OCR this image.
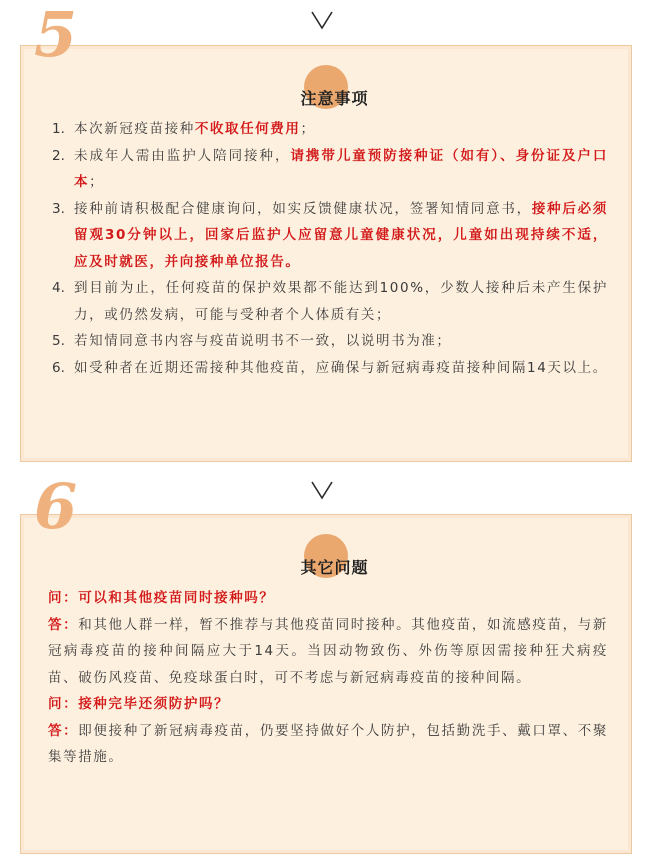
5
注意事项
1. 本次新冠疫苗接种不收取任何费用；
2. 未成年人需由监护人陪同接种，请携带儿童预防接种证（如有）、身份证及户口本；
3. 接种前请积极配合健康询问，如实反馈健康状况，签署知情同意书，接种后必须留观30分钟以上，回家后监护人应留意儿童健康状况，儿童如出现持续不适，应及时就医，并向接种单位报告。
4. 到目前为止，任何疫苗的保护效果都不能达到100%，少数人接种后未产生保护力，或仍然发病，可能与受种者个人体质有关；
5. 若知情同意书内容与疫苗说明书不一致，以说明书为准；
6. 如受种者在近期还需接种其他疫苗，应确保与新冠病毒疫苗接种间隔14天以上。
6
其它问题

问：可以和其他疫苗同时接种吗？

答：和其他人群一样，暂不推荐与其他疫苗同时接种。其他疫苗，如流感疫苗，与新冠病毒疫苗的接种间隔应大于14天。当因动物致伤、外伤等原因需接种狂犬病疫苗、破伤风疫苗、免疫球蛋白时，可不考虑与新冠病毒疫苗的接种间隔。

问：接种完毕还须防护吗？

答：即便接种了新冠病毒疫苗，仍要坚持做好个人防护，包括勤洗手、戴口罩、不聚集等措施。
